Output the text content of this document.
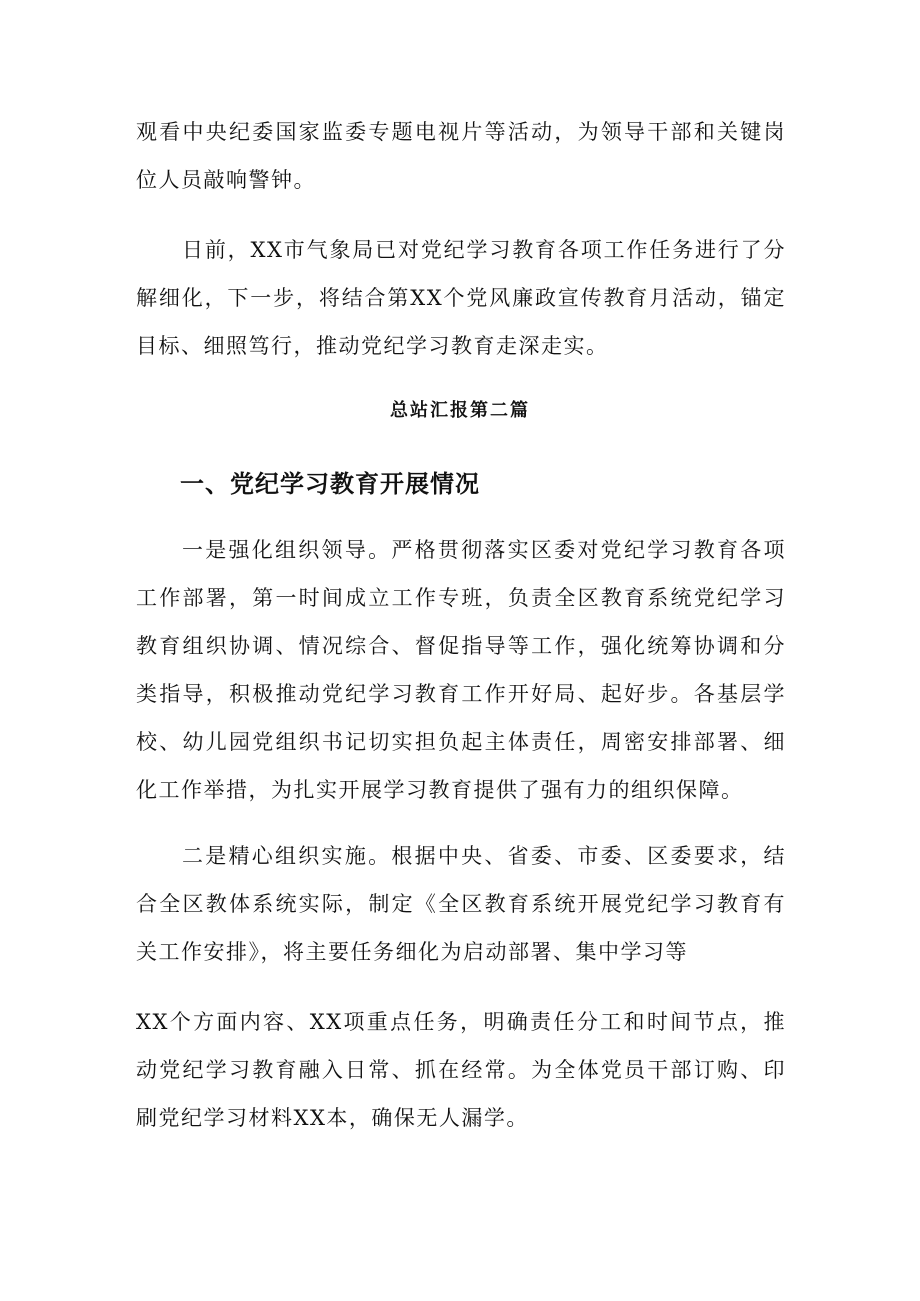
观看中央纪委国家监委专题电视片等活动，为领导干部和关键岗位人员敲响警钟。

日前，XX市气象局已对党纪学习教育各项工作任务进行了分解细化，下一步，将结合第XX个党风廉政宣传教育月活动，锚定目标、细照笃行，推动党纪学习教育走深走实。

总站汇报第二篇
一、党纪学习教育开展情况

一是强化组织领导。严格贯彻落实区委对党纪学习教育各项工作部署，第一时间成立工作专班，负责全区教育系统党纪学习教育组织协调、情况综合、督促指导等工作，强化统筹协调和分类指导，积极推动党纪学习教育工作开好局、起好步。各基层学校、幼儿园党组织书记切实担负起主体责任，周密安排部署、细化工作举措，为扎实开展学习教育提供了强有力的组织保障。

二是精心组织实施。根据中央、省委、市委、区委要求，结合全区教体系统实际，制定《全区教育系统开展党纪学习教育有关工作安排》，将主要任务细化为启动部署、集中学习等

XX个方面内容、XX项重点任务，明确责任分工和时间节点，推动党纪学习教育融入日常、抓在经常。为全体党员干部订购、印刷党纪学习材料XX本，确保无人漏学。
